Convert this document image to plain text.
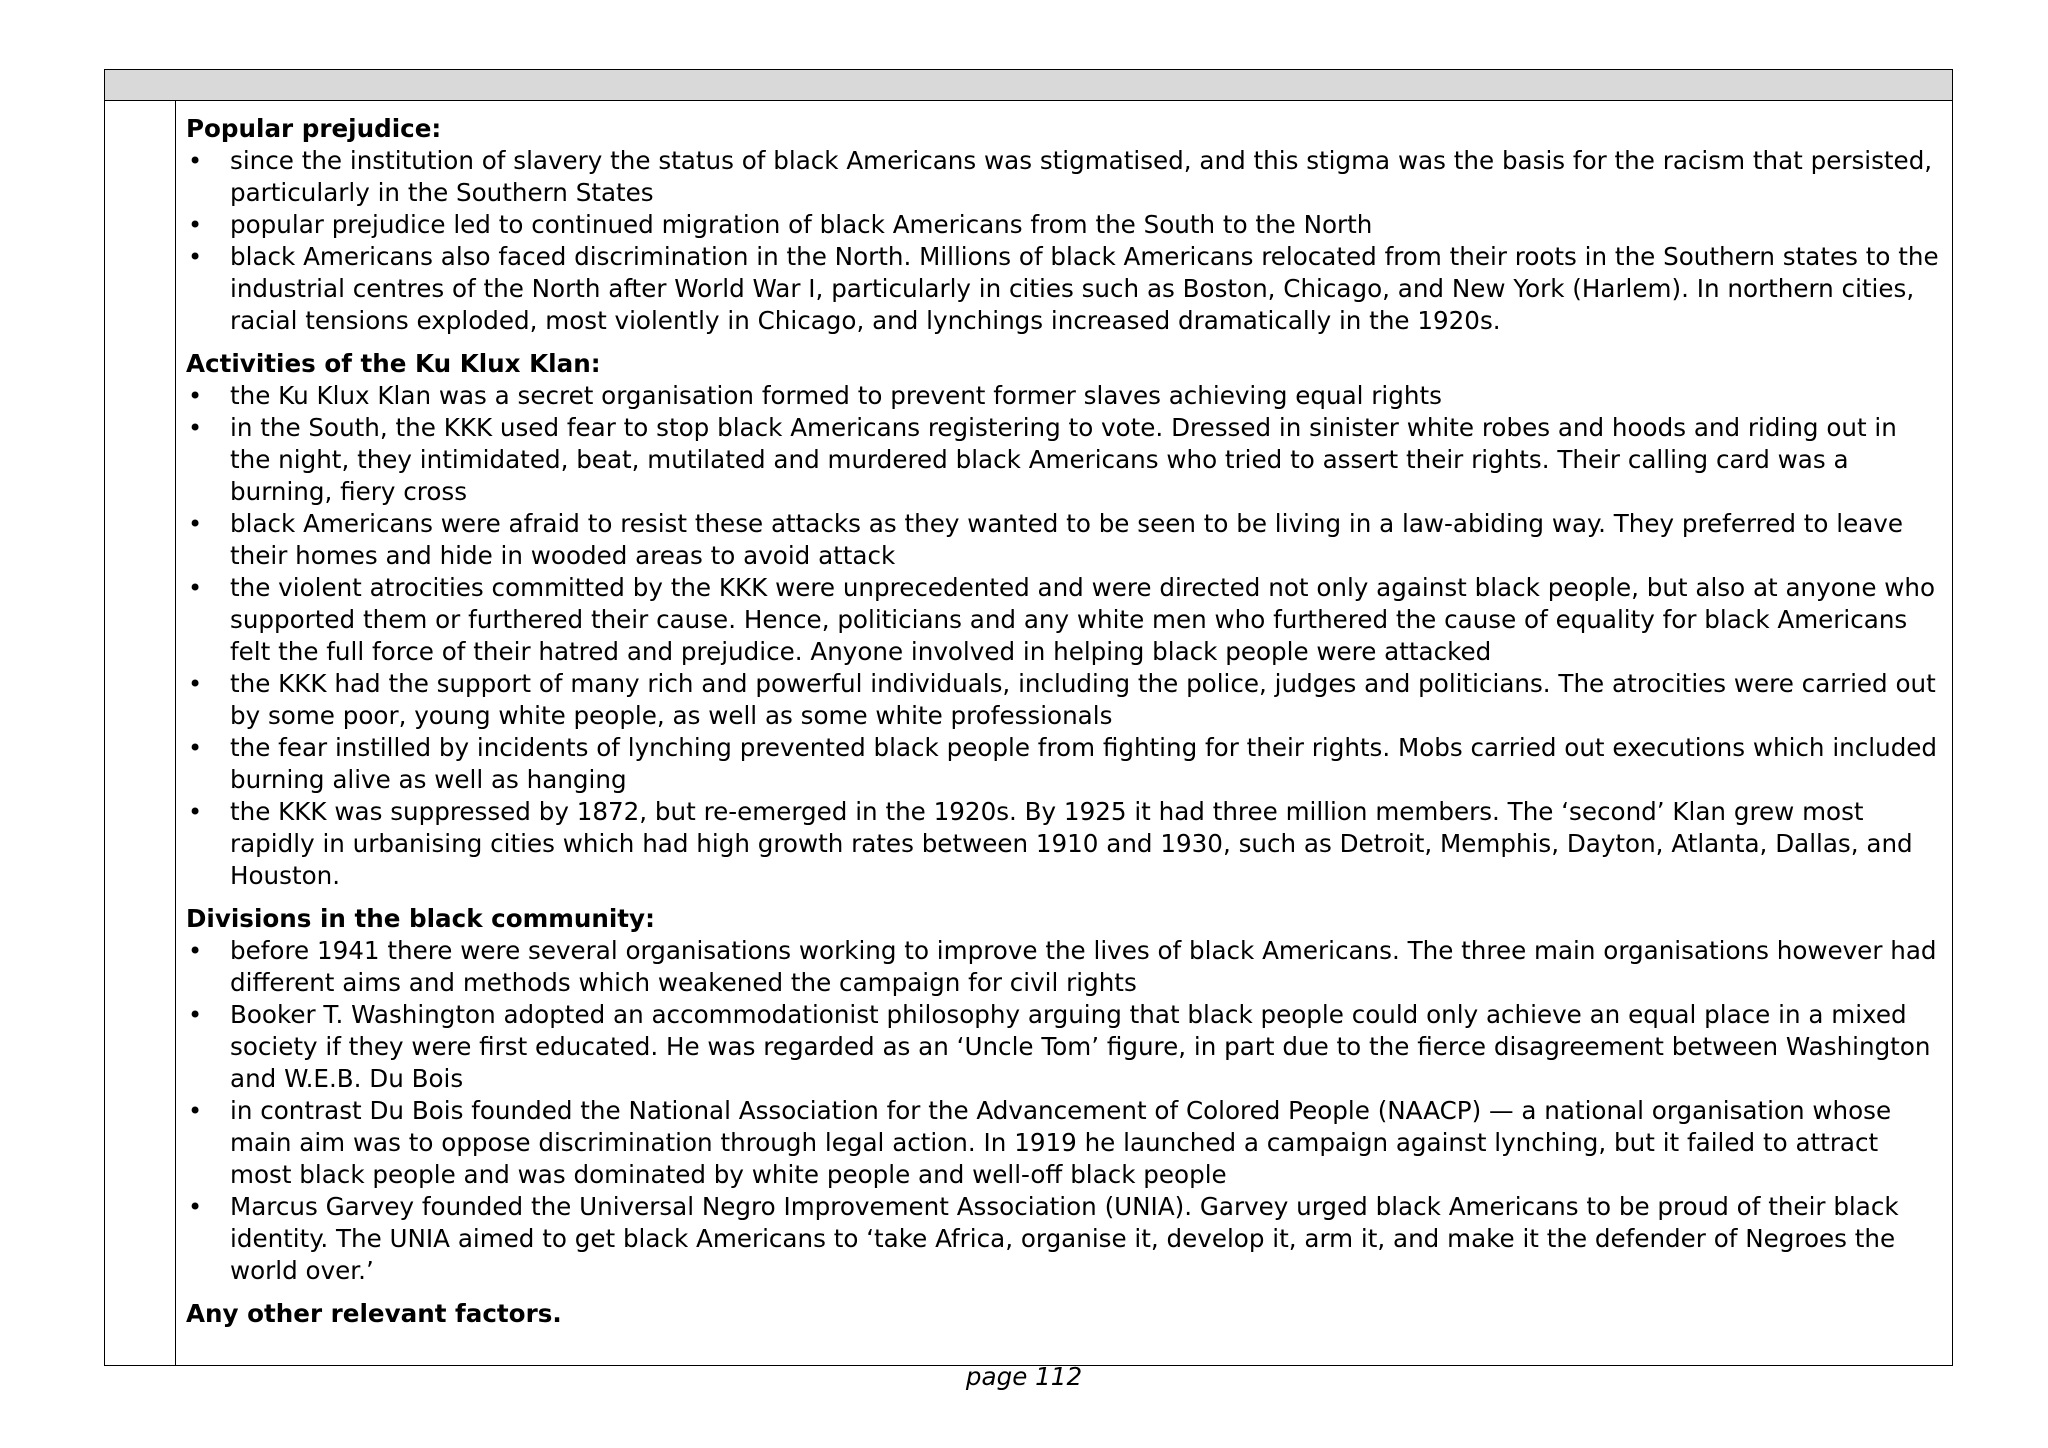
Popular prejudice:

• since the institution of slavery the status of black Americans was stigmatised, and this stigma was the basis for the racism that persisted, particularly in the Southern States
• popular prejudice led to continued migration of black Americans from the South to the North
• black Americans also faced discrimination in the North. Millions of black Americans relocated from their roots in the Southern states to the industrial centres of the North after World War I, particularly in cities such as Boston, Chicago, and New York (Harlem). In northern cities, racial tensions exploded, most violently in Chicago, and lynchings increased dramatically in the 1920s.

Activities of the Ku Klux Klan:

• the Ku Klux Klan was a secret organisation formed to prevent former slaves achieving equal rights
• in the South, the KKK used fear to stop black Americans registering to vote. Dressed in sinister white robes and hoods and riding out in the night, they intimidated, beat, mutilated and murdered black Americans who tried to assert their rights. Their calling card was a burning, fiery cross
• black Americans were afraid to resist these attacks as they wanted to be seen to be living in a law-abiding way. They preferred to leave their homes and hide in wooded areas to avoid attack
• the violent atrocities committed by the KKK were unprecedented and were directed not only against black people, but also at anyone who supported them or furthered their cause. Hence, politicians and any white men who furthered the cause of equality for black Americans felt the full force of their hatred and prejudice. Anyone involved in helping black people were attacked
• the KKK had the support of many rich and powerful individuals, including the police, judges and politicians. The atrocities were carried out by some poor, young white people, as well as some white professionals
• the fear instilled by incidents of lynching prevented black people from fighting for their rights. Mobs carried out executions which included burning alive as well as hanging
• the KKK was suppressed by 1872, but re-emerged in the 1920s. By 1925 it had three million members. The ‘second’ Klan grew most rapidly in urbanising cities which had high growth rates between 1910 and 1930, such as Detroit, Memphis, Dayton, Atlanta, Dallas, and Houston.

Divisions in the black community:

• before 1941 there were several organisations working to improve the lives of black Americans. The three main organisations however had different aims and methods which weakened the campaign for civil rights
• Booker T. Washington adopted an accommodationist philosophy arguing that black people could only achieve an equal place in a mixed society if they were first educated. He was regarded as an ‘Uncle Tom’ figure, in part due to the fierce disagreement between Washington and W.E.B. Du Bois
• in contrast Du Bois founded the National Association for the Advancement of Colored People (NAACP) — a national organisation whose main aim was to oppose discrimination through legal action. In 1919 he launched a campaign against lynching, but it failed to attract most black people and was dominated by white people and well-off black people
• Marcus Garvey founded the Universal Negro Improvement Association (UNIA). Garvey urged black Americans to be proud of their black identity. The UNIA aimed to get black Americans to ‘take Africa, organise it, develop it, arm it, and make it the defender of Negroes the world over.’

Any other relevant factors.

page 112
